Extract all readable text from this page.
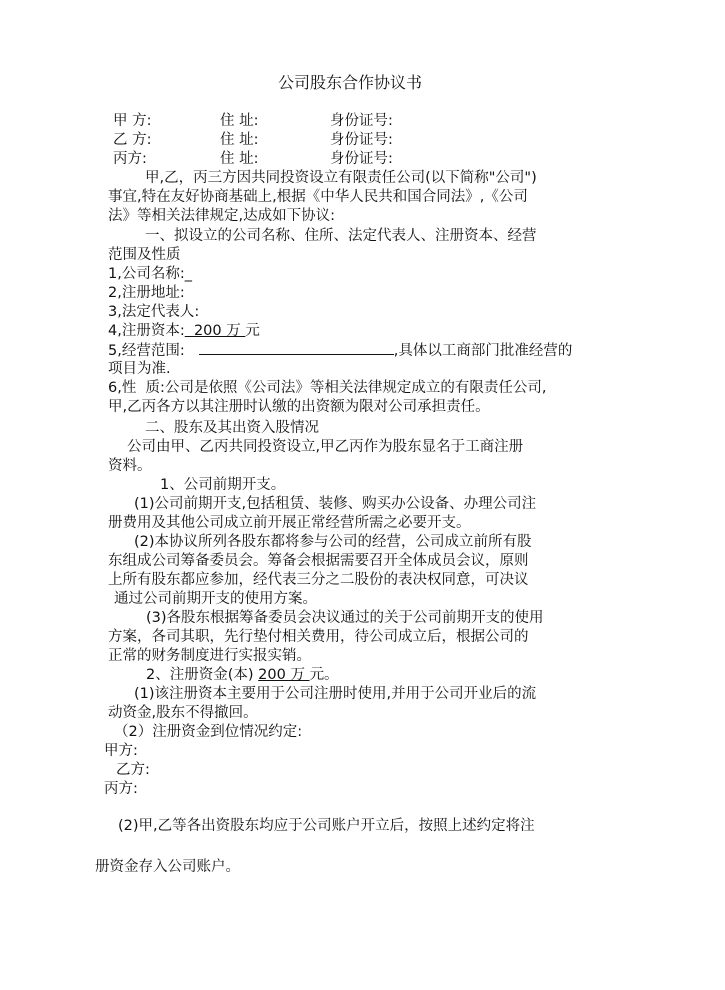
公司股东合作协议书
甲 方:	住 址:	身份证号:
乙 方:	住 址:	身份证号:
丙方:	住 址:	身份证号:
甲,乙，丙三方因共同投资设立有限责任公司(以下简称"公司")
事宜,特在友好协商基础上,根据《中华人民共和国合同法》,《公司
法》等相关法律规定,达成如下协议:
一、拟设立的公司名称、住所、法定代表人、注册资本、经营
范围及性质
1,公司名称:_
2,注册地址:
3,法定代表人:
4,注册资本:  200 万 元
5,经营范围:	,具体以工商部门批准经营的
项目为准.
6,性  质:公司是依照《公司法》等相关法律规定成立的有限责任公司,
甲,乙丙各方以其注册时认缴的出资额为限对公司承担责任。
二、股东及其出资入股情况
公司由甲、乙丙共同投资设立,甲乙丙作为股东显名于工商注册
资料。
1、公司前期开支。
(1)公司前期开支,包括租赁、装修、购买办公设备、办理公司注
册费用及其他公司成立前开展正常经营所需之必要开支。
(2)本协议所列各股东都将参与公司的经营，公司成立前所有股
东组成公司筹备委员会。筹备会根据需要召开全体成员会议，原则
上所有股东都应参加，经代表三分之二股份的表决权同意，可决议
通过公司前期开支的使用方案。
(3)各股东根据筹备委员会决议通过的关于公司前期开支的使用
方案，各司其职，先行垫付相关费用，待公司成立后，根据公司的
正常的财务制度进行实报实销。
2、注册资金(本) 200 万 元。
(1)该注册资本主要用于公司注册时使用,并用于公司开业后的流
动资金,股东不得撤回。
（2）注册资金到位情况约定:
甲方:
乙方:
丙方:
(2)甲,乙等各出资股东均应于公司账户开立后，按照上述约定将注
册资金存入公司账户。
